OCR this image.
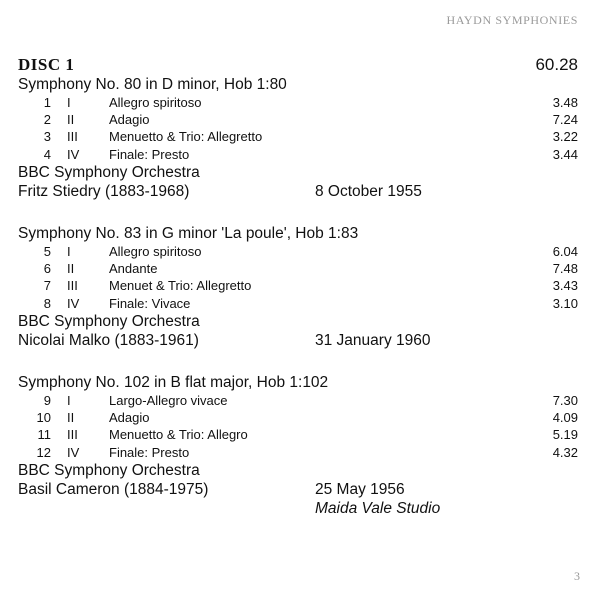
HAYDN SYMPHONIES
DISC 1	60.28
Symphony No. 80 in D minor, Hob 1:80
1 I	Allegro spiritoso	3.48
2 II	Adagio	7.24
3 III Menuetto & Trio: Allegretto	3.22
4 IV Finale: Presto	3.44
BBC Symphony Orchestra
Fritz Stiedry (1883-1968)	8 October 1955
Symphony No. 83 in G minor 'La poule', Hob 1:83
5 I	Allegro spiritoso	6.04
6 II	Andante	7.48
7 III Menuet & Trio: Allegretto	3.43
8 IV Finale: Vivace	3.10
BBC Symphony Orchestra
Nicolai Malko (1883-1961)	31 January 1960
Symphony No. 102 in B flat major, Hob 1:102
9 I	Largo-Allegro vivace	7.30
10 II	Adagio	4.09
11 III Menuetto & Trio: Allegro	5.19
12 IV Finale: Presto	4.32
BBC Symphony Orchestra
Basil Cameron (1884-1975)	25 May 1956
Maida Vale Studio
3
